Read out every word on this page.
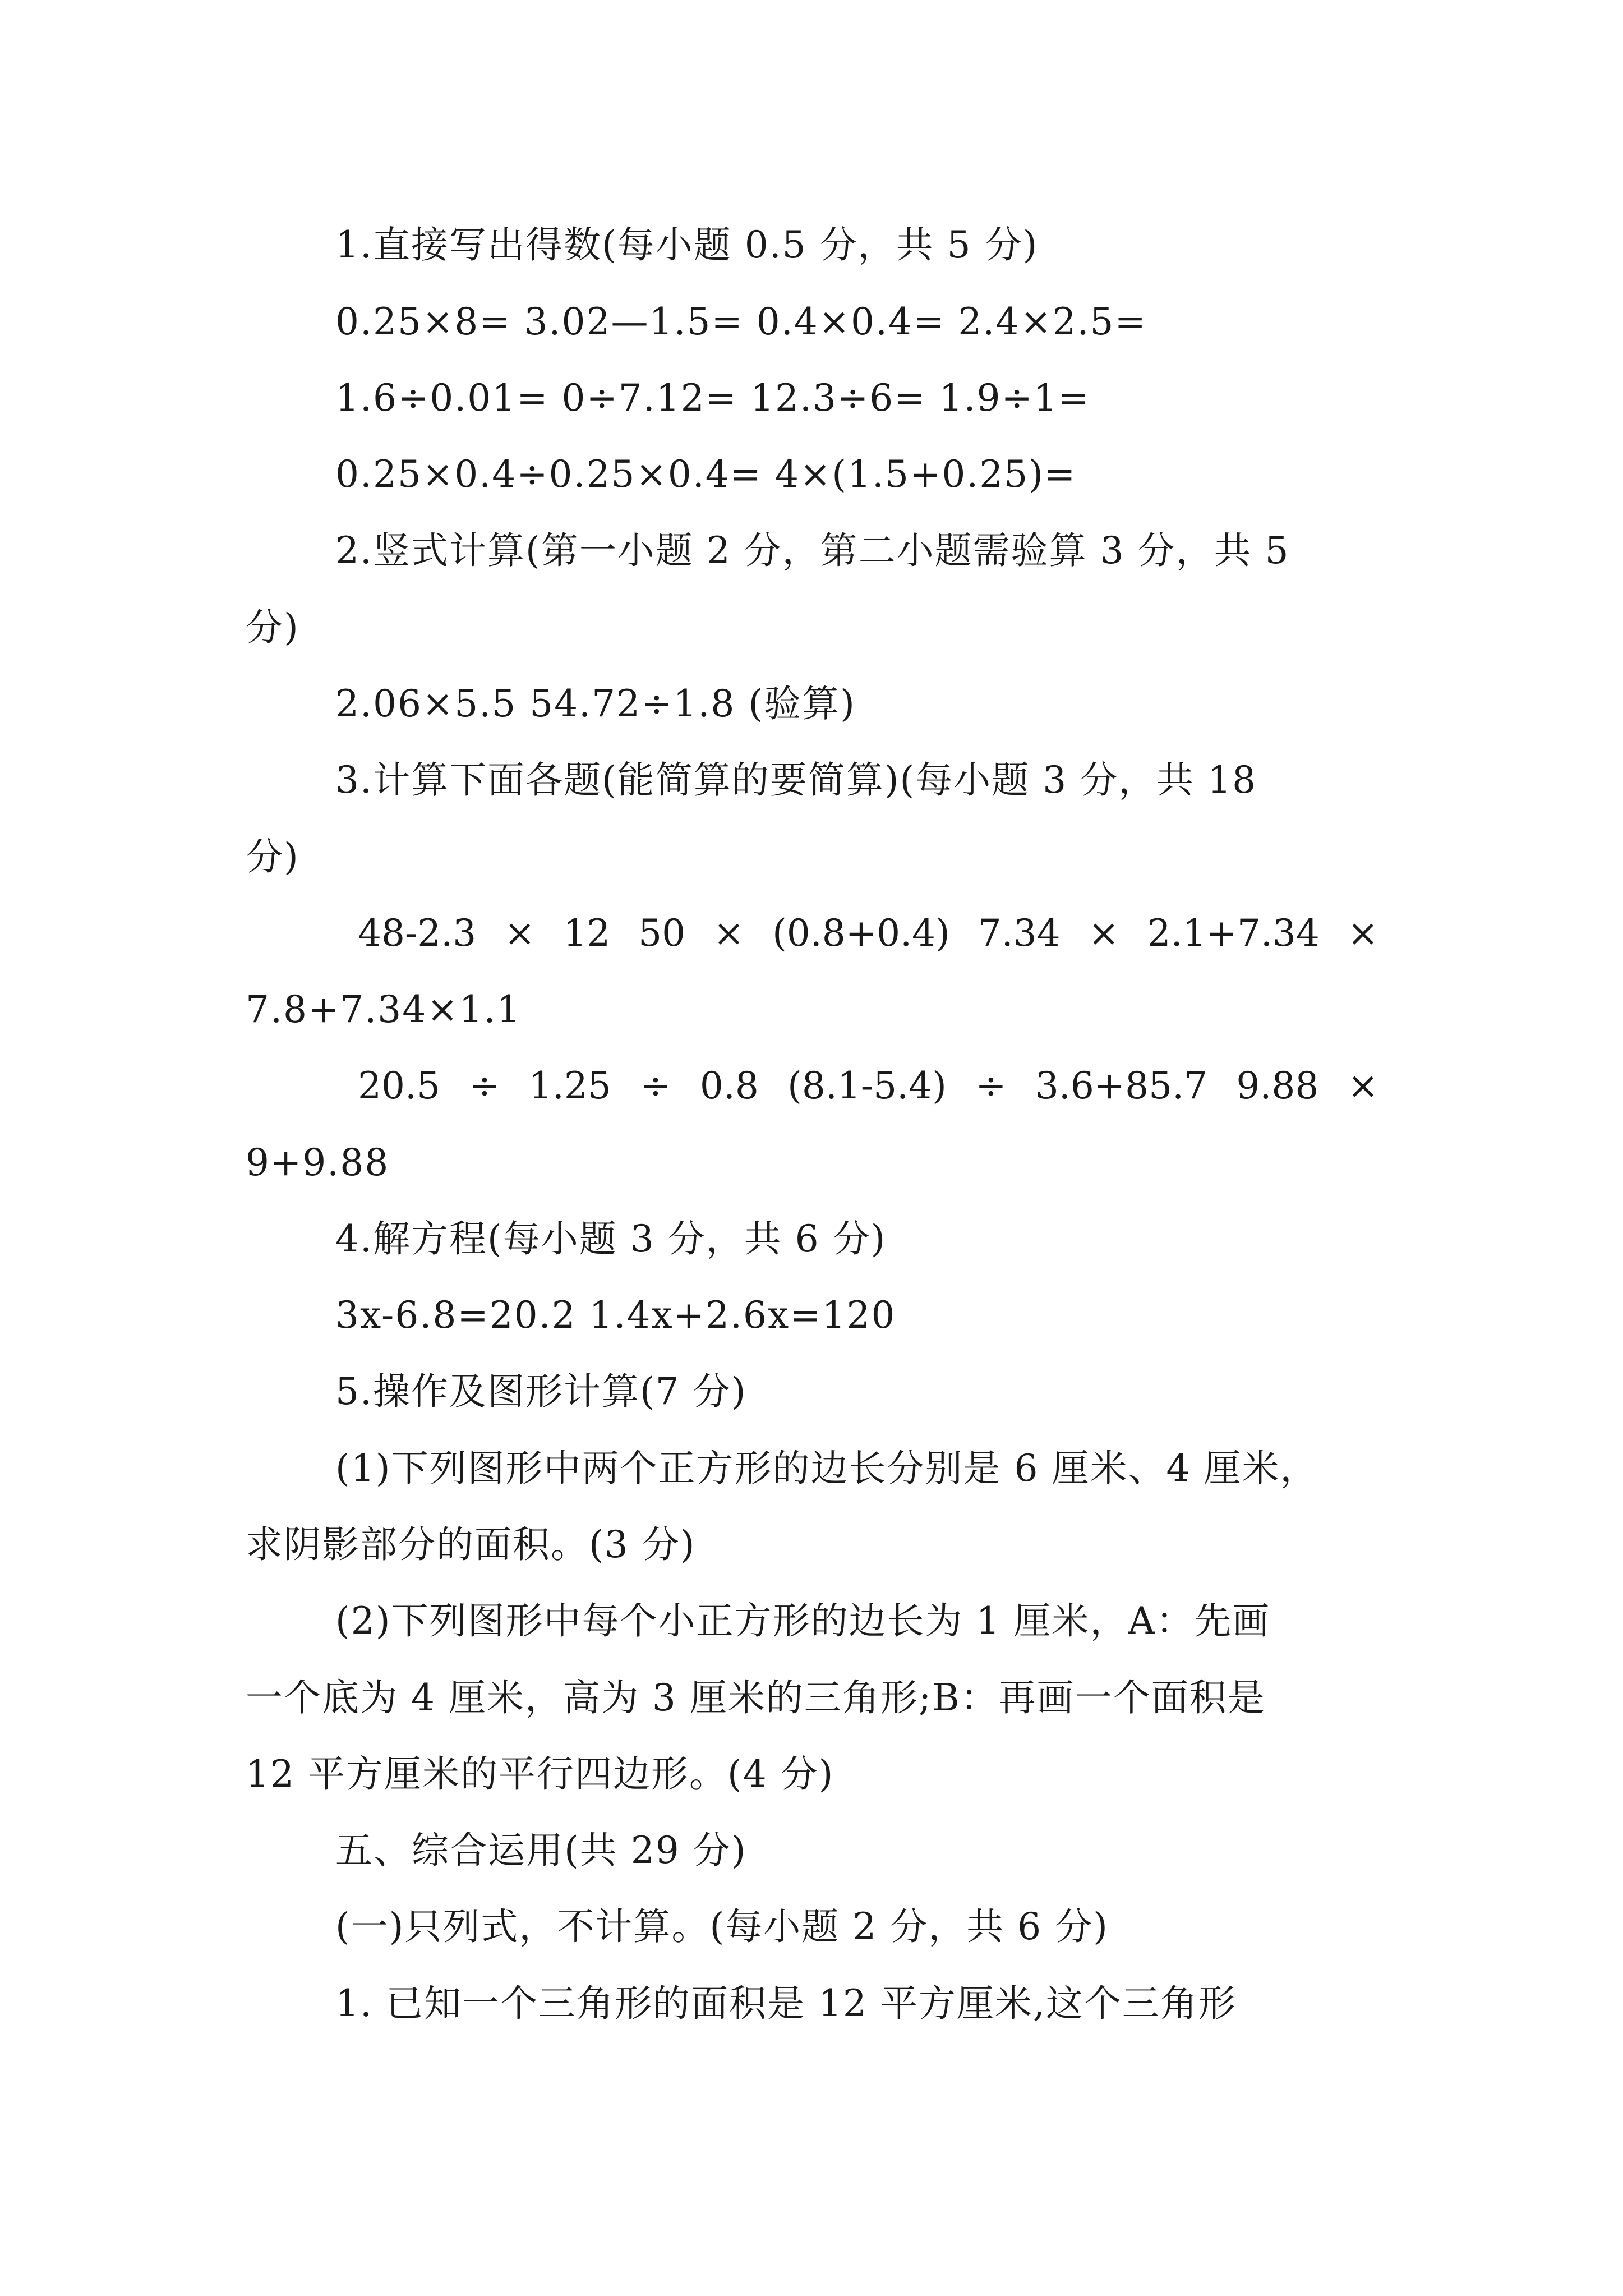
1.直接写出得数(每小题 0.5 分，共 5 分)
0.25×8= 3.02—1.5= 0.4×0.4= 2.4×2.5=
1.6÷0.01= 0÷7.12= 12.3÷6= 1.9÷1=
0.25×0.4÷0.25×0.4= 4×(1.5+0.25)=
2.竖式计算(第一小题 2 分，第二小题需验算 3 分，共 5
分)
2.06×5.5 54.72÷1.8 (验算)
3.计算下面各题(能简算的要简算)(每小题 3 分，共 18
分)
48-2.3 × 12 50 × (0.8+0.4) 7.34 × 2.1+7.34 ×
7.8+7.34×1.1
20.5 ÷ 1.25 ÷ 0.8 (8.1-5.4) ÷ 3.6+85.7 9.88 ×
9+9.88
4.解方程(每小题 3 分，共 6 分)
3x-6.8=20.2 1.4x+2.6x=120
5.操作及图形计算(7 分)
(1)下列图形中两个正方形的边长分别是 6 厘米、4 厘米，
求阴影部分的面积。(3 分)
(2)下列图形中每个小正方形的边长为 1 厘米，A：先画
一个底为 4 厘米，高为 3 厘米的三角形;B：再画一个面积是
12 平方厘米的平行四边形。(4 分)
五、综合运用(共 29 分)
(一)只列式，不计算。(每小题 2 分，共 6 分)
1. 已知一个三角形的面积是 12 平方厘米,这个三角形
